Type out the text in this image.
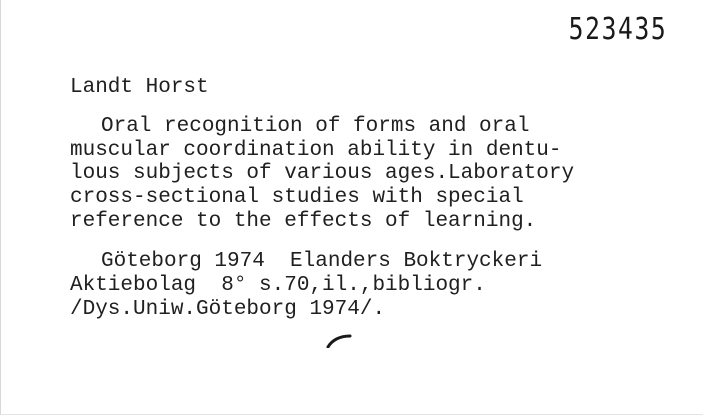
523435
Landt Horst
Oral recognition of forms and oral
muscular coordination ability in dentu-
lous subjects of various ages.Laboratory
cross-sectional studies with special
reference to the effects of learning.
Göteborg 1974  Elanders Boktryckeri
Aktiebolag  8° s.70,il.,bibliogr.
/Dys.Uniw.Göteborg 1974/.
